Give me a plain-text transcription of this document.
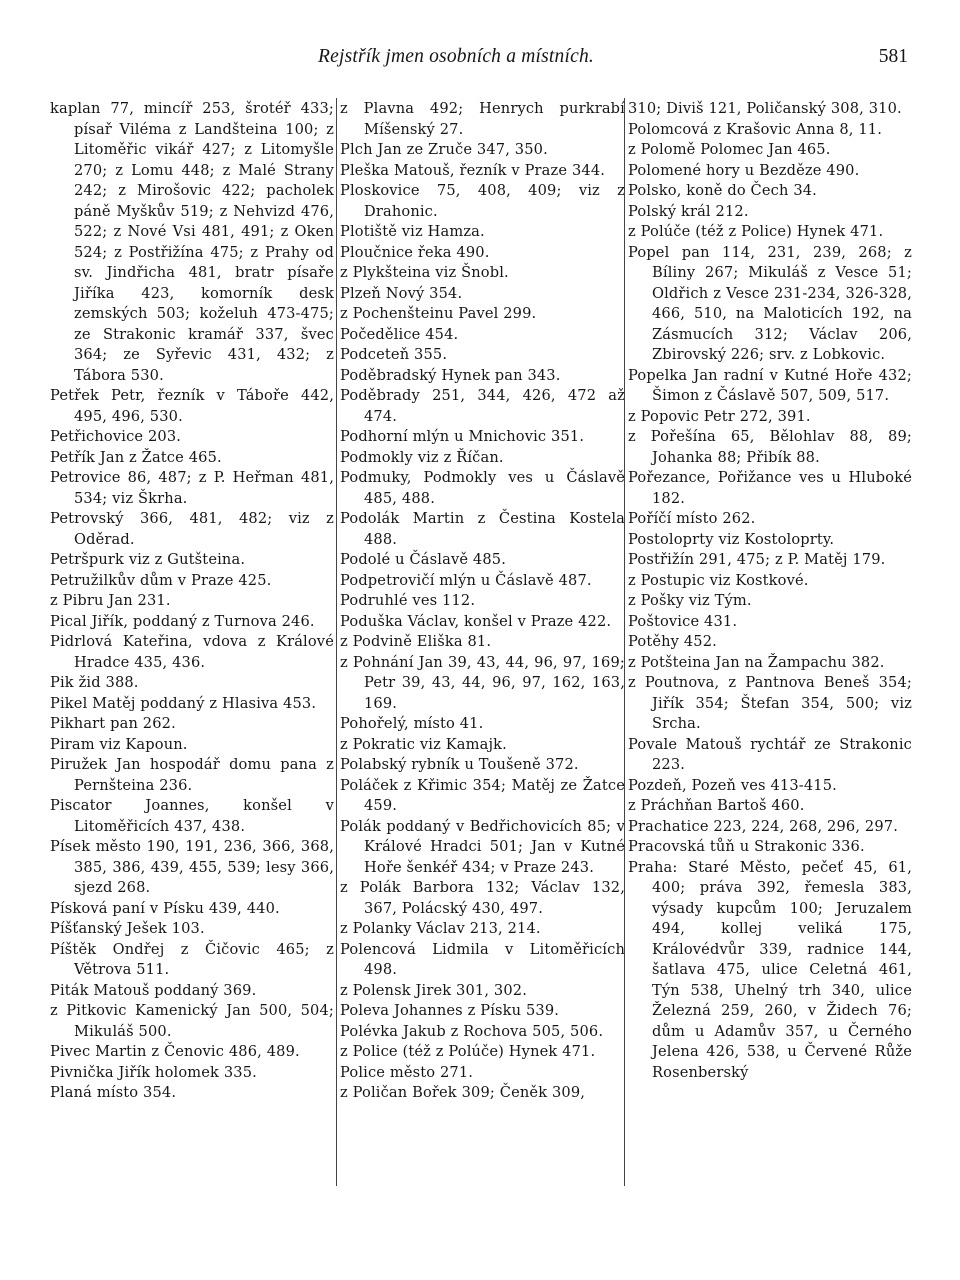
Rejstřík jmen osobních a místních.	581
kaplan 77, mincíř 253, šrotéř 433; písař Viléma z Landšteina 100; z Litoměřic vikář 427; z Litomyšle 270; z Lomu 448; z Malé Strany 242; z Mirošovic 422; pacholek páně Myškův 519; z Nehvizd 476, 522; z Nové Vsi 481, 491; z Oken 524; z Postřižína 475; z Prahy od sv. Jindřicha 481, bratr písaře Jiříka 423, komorník desk zemských 503; koželuh 473-475; ze Strakonic kramář 337, švec 364; ze Syřevic 431, 432; z Tábora 530.
Petřek Petr, řezník v Táboře 442, 495, 496, 530.
Petřichovice 203.
Petřík Jan z Žatce 465.
Petrovice 86, 487; z P. Heřman 481, 534; viz Škrha.
Petrovský 366, 481, 482; viz z Oděrad.
Petršpurk viz z Gutšteina.
Petružilkův dům v Praze 425.
z Pibru Jan 231.
Pical Jiřík, poddaný z Turnova 246.
Pidrlová Kateřina, vdova z Králové Hradce 435, 436.
Pik žid 388.
Pikel Matěj poddaný z Hlasiva 453.
Pikhart pan 262.
Piram viz Kapoun.
Piružek Jan hospodář domu pana z Pernšteina 236.
Piscator Joannes, konšel v Litoměřicích 437, 438.
Písek město 190, 191, 236, 366, 368, 385, 386, 439, 455, 539; lesy 366, sjezd 268.
Písková paní v Písku 439, 440.
Píšťanský Ješek 103.
Píštěk Ondřej z Čičovic 465; z Větrova 511.
Piták Matouš poddaný 369.
z Pitkovic Kamenický Jan 500, 504; Mikuláš 500.
Pivec Martin z Čenovic 486, 489.
Pivnička Jiřík holomek 335.
Planá místo 354.
z Plavna 492; Henrych purkrabí Míšenský 27.
Plch Jan ze Zruče 347, 350.
Pleška Matouš, řezník v Praze 344.
Ploskovice 75, 408, 409; viz z Drahonic.
Plotiště viz Hamza.
Ploučnice řeka 490.
z Plykšteina viz Šnobl.
Plzeň Nový 354.
z Pochenšteinu Pavel 299.
Počedělice 454.
Podceteň 355.
Poděbradský Hynek pan 343.
Poděbrady 251, 344, 426, 472 až 474.
Podhorní mlýn u Mnichovic 351.
Podmokly viz z Říčan.
Podmuky, Podmokly ves u Čáslavě 485, 488.
Podolák Martin z Čestina Kostela 488.
Podolé u Čáslavě 485.
Podpetrovičí mlýn u Čáslavě 487.
Podruhlé ves 112.
Poduška Václav, konšel v Praze 422.
z Podvině Eliška 81.
z Pohnání Jan 39, 43, 44, 96, 97, 169; Petr 39, 43, 44, 96, 97, 162, 163, 169.
Pohořelý, místo 41.
z Pokratic viz Kamajk.
Polabský rybník u Toušeně 372.
Poláček z Křimic 354; Matěj ze Žatce 459.
Polák poddaný v Bedřichovicích 85; v Králové Hradci 501; Jan v Kutné Hoře šenkéř 434; v Praze 243.
z Polák Barbora 132; Václav 132, 367, Polácský 430, 497.
z Polanky Václav 213, 214.
Polencová Lidmila v Litoměřicích 498.
z Polensk Jirek 301, 302.
Poleva Johannes z Písku 539.
Polévka Jakub z Rochova 505, 506.
z Police (též z Polúče) Hynek 471.
Police město 271.
z Poličan Bořek 309; Čeněk 309,
310; Diviš 121, Poličanský 308, 310.
Polomcová z Krašovic Anna 8, 11.
z Polomě Polomec Jan 465.
Polomené hory u Bezděze 490.
Polsko, koně do Čech 34.
Polský král 212.
z Polúče (též z Police) Hynek 471.
Popel pan 114, 231, 239, 268; z Bíliny 267; Mikuláš z Vesce 51; Oldřich z Vesce 231-234, 326-328, 466, 510, na Maloticích 192, na Zásmucích 312; Václav 206, Zbirovský 226; srv. z Lobkovic.
Popelka Jan radní v Kutné Hoře 432; Šimon z Čáslavě 507, 509, 517.
z Popovic Petr 272, 391.
z Pořešína 65, Bělohlav 88, 89; Johanka 88; Přibík 88.
Pořezance, Pořižance ves u Hluboké 182.
Poříčí místo 262.
Postoloprty viz Kostoloprty.
Postřižín 291, 475; z P. Matěj 179.
z Postupic viz Kostkové.
z Pošky viz Tým.
Poštovice 431.
Potěhy 452.
z Potšteina Jan na Žampachu 382.
z Poutnova, z Pantnova Beneš 354; Jiřík 354; Štefan 354, 500; viz Srcha.
Povale Matouš rychtář ze Strakonic 223.
Pozdeň, Pozeň ves 413-415.
z Práchňan Bartoš 460.
Prachatice 223, 224, 268, 296, 297.
Pracovská tůň u Strakonic 336.
Praha: Staré Město, pečeť 45, 61, 400; práva 392, řemesla 383, výsady kupcům 100; Jeruzalem 494, kollej veliká 175, Královédvůr 339, radnice 144, šatlava 475, ulice Celetná 461, Týn 538, Uhelný trh 340, ulice Železná 259, 260, v Židech 76; dům u Adamův 357, u Černého Jelena 426, 538, u Červené Růže Rosenberský
